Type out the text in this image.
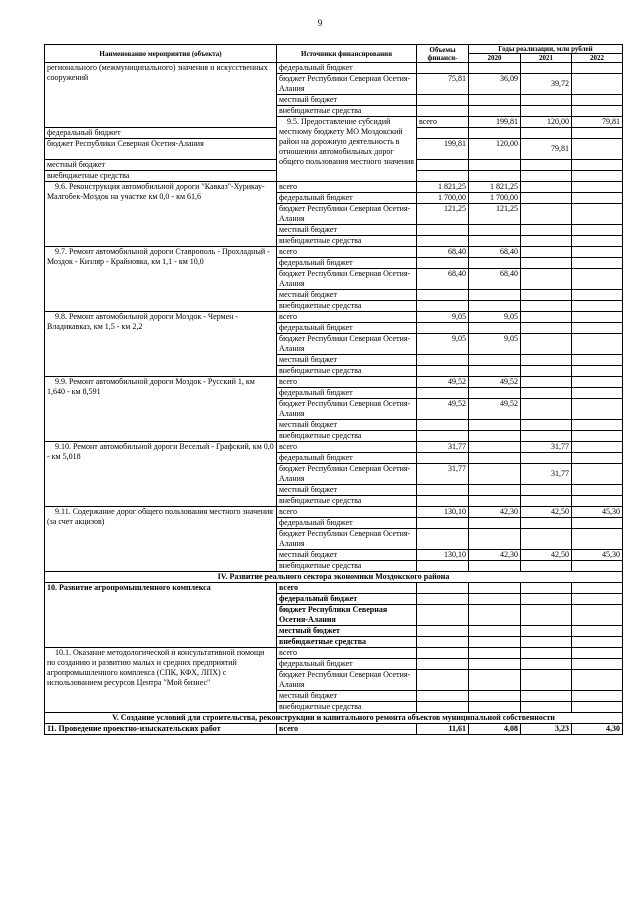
9
Наименование мероприятия (объекта)	Источники финансирования	Объемы финанси-	Годы реализации, млн рублей			
			2020	2021	2022	
регионального (межмуниципального) значения и искусственных сооружений	федеральный бюджет					
	бюджет Республики Северная Осетия-Алания	75,81	36,09	39,72		
	местный бюджет					
	внебюджетные средства					
	9.5. Предоставление субсидий местному бюджету МО Моздокский район на дорожную деятельность в отношении автомобильных дорог общего пользования местного значения	всего	199,81	120,00	79,81	
федеральный бюджет						
бюджет Республики Северная Осетия-Алания		199,81	120,00	79,81		
местный бюджет						
внебюджетные средства						
9.6. Реконструкция автомобильной дороги "Кавказ"-Хурикау-Малгобек-Моздок на участке км 0,0 - км 61,6	всего	1 821,25	1 821,25			
	федеральный бюджет	1 700,00	1 700,00			
	бюджет Республики Северная Осетия-Алания	121,25	121,25			
	местный бюджет					
	внебюджетные средства					
9.7. Ремонт автомобильной дороги Ставрополь - Прохладный - Моздок - Кизляр - Крайновка, км 1,1 - км 10,0	всего	68,40	68,40			
	федеральный бюджет					
	бюджет Республики Северная Осетия-Алания	68,40	68,40			
	местный бюджет					
	внебюджетные средства					
9.8. Ремонт автомобильной дороги Моздок - Чермен - Владикавказ, км 1,5 - км 2,2	всего	9,05	9,05			
	федеральный бюджет					
	бюджет Республики Северная Осетия-Алания	9,05	9,05			
	местный бюджет					
	внебюджетные средства					
9.9. Ремонт автомобильной дороги Моздок - Русский 1, км 1,640 - км 8,591	всего	49,52	49,52			
	федеральный бюджет					
	бюджет Республики Северная Осетия-Алания	49,52	49,52			
	местный бюджет					
	внебюджетные средства					
9.10. Ремонт автомобильной дороги Веселый - Графский, км 0,0 - км 5,018	всего	31,77		31,77		
	федеральный бюджет					
	бюджет Республики Северная Осетия-Алания	31,77		31,77		
	местный бюджет					
	внебюджетные средства					
9.11. Содержание дорог общего пользования местного значения (за счет акцизов)	всего	130,10	42,30	42,50	45,30	
	федеральный бюджет					
	бюджет Республики Северная Осетия-Алания					
	местный бюджет	130,10	42,30	42,50	45,30	
	внебюджетные средства					
IV. Развитие реального сектора экономики Моздокского района						
10. Развитие агропромышленного комплекса	всего					
	федеральный бюджет					
	бюджет Республики Северная Осетия-Алания					
	местный бюджет					
	внебюджетные средства					
10.1. Оказание методологической и консультативной помощи по созданию и развитию малых и средних предприятий агропромышленного комплекса (СПК, КФХ, ЛПХ) с использованием ресурсов Центра "Мой бизнес"	всего					
	федеральный бюджет					
	бюджет Республики Северная Осетия-Алания					
	местный бюджет					
	внебюджетные средства					
V. Создание условий для строительства, реконструкции и капитального ремонта объектов муниципальной собственности						
11. Проведение проектно-изыскательских работ	всего	11,61	4,08	3,23	4,30	
